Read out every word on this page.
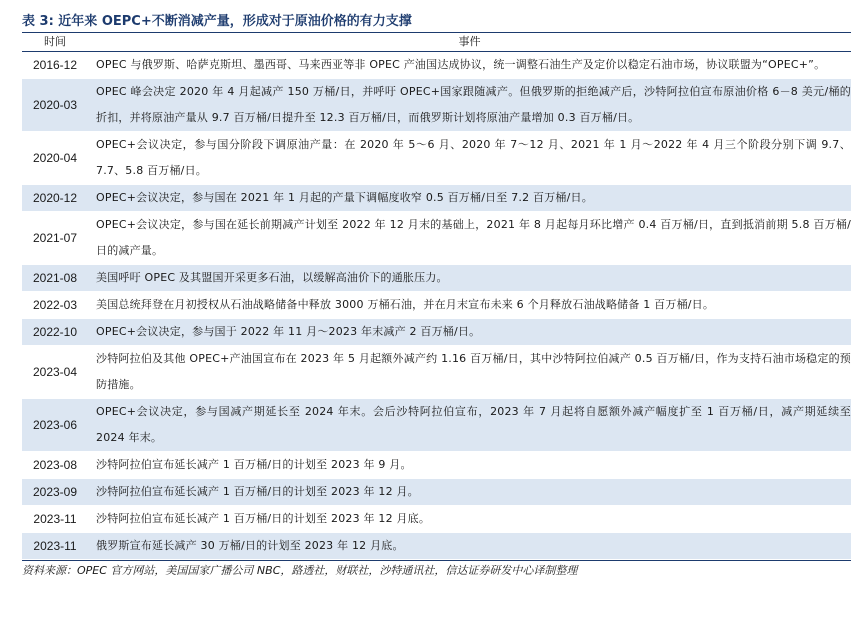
表 3: 近年来 OEPC+不断消减产量，形成对于原油价格的有力支撑
时间	事件
2016-12	OPEC 与俄罗斯、哈萨克斯坦、墨西哥、马来西亚等非 OPEC 产油国达成协议，统一调整石油生产及定价以稳定石油市场，协议联盟为“OPEC+”。

2020-03	OPEC 峰会决定 2020 年 4 月起减产 150 万桶/日，并呼吁 OPEC+国家跟随减产。但俄罗斯的拒绝减产后，沙特阿拉伯宣布原油价格 6－8 美元/桶的折扣，并将原油产量从 9.7 百万桶/日提升至 12.3 百万桶/日，而俄罗斯计划将原油产量增加 0.3 百万桶/日。

2020-04	OPEC+会议决定，参与国分阶段下调原油产量：在 2020 年 5～6 月、2020 年 7～12 月、2021 年 1 月～2022 年 4 月三个阶段分别下调 9.7、7.7、5.8 百万桶/日。

2020-12	OPEC+会议决定，参与国在 2021 年 1 月起的产量下调幅度收窄 0.5 百万桶/日至 7.2 百万桶/日。

2021-07	OPEC+会议决定，参与国在延长前期减产计划至 2022 年 12 月末的基础上，2021 年 8 月起每月环比增产 0.4 百万桶/日，直到抵消前期 5.8 百万桶/日的减产量。

2021-08	美国呼吁 OPEC 及其盟国开采更多石油，以缓解高油价下的通胀压力。

2022-03	美国总统拜登在月初授权从石油战略储备中释放 3000 万桶石油，并在月末宣布未来 6 个月释放石油战略储备 1 百万桶/日。

2022-10	OPEC+会议决定，参与国于 2022 年 11 月～2023 年末减产 2 百万桶/日。

2023-04	沙特阿拉伯及其他 OPEC+产油国宣布在 2023 年 5 月起额外减产约 1.16 百万桶/日，其中沙特阿拉伯减产 0.5 百万桶/日，作为支持石油市场稳定的预防措施。

2023-06	OPEC+会议决定，参与国减产期延长至 2024 年末。会后沙特阿拉伯宣布，2023 年 7 月起将自愿额外减产幅度扩至 1 百万桶/日，减产期延续至 2024 年末。

2023-08	沙特阿拉伯宣布延长减产 1 百万桶/日的计划至 2023 年 9 月。

2023-09	沙特阿拉伯宣布延长减产 1 百万桶/日的计划至 2023 年 12 月。

2023-11	沙特阿拉伯宣布延长减产 1 百万桶/日的计划至 2023 年 12 月底。

2023-11	俄罗斯宣布延长减产 30 万桶/日的计划至 2023 年 12 月底。
资料来源：OPEC 官方网站，美国国家广播公司 NBC，路透社，财联社，沙特通讯社，信达证券研发中心译制整理
